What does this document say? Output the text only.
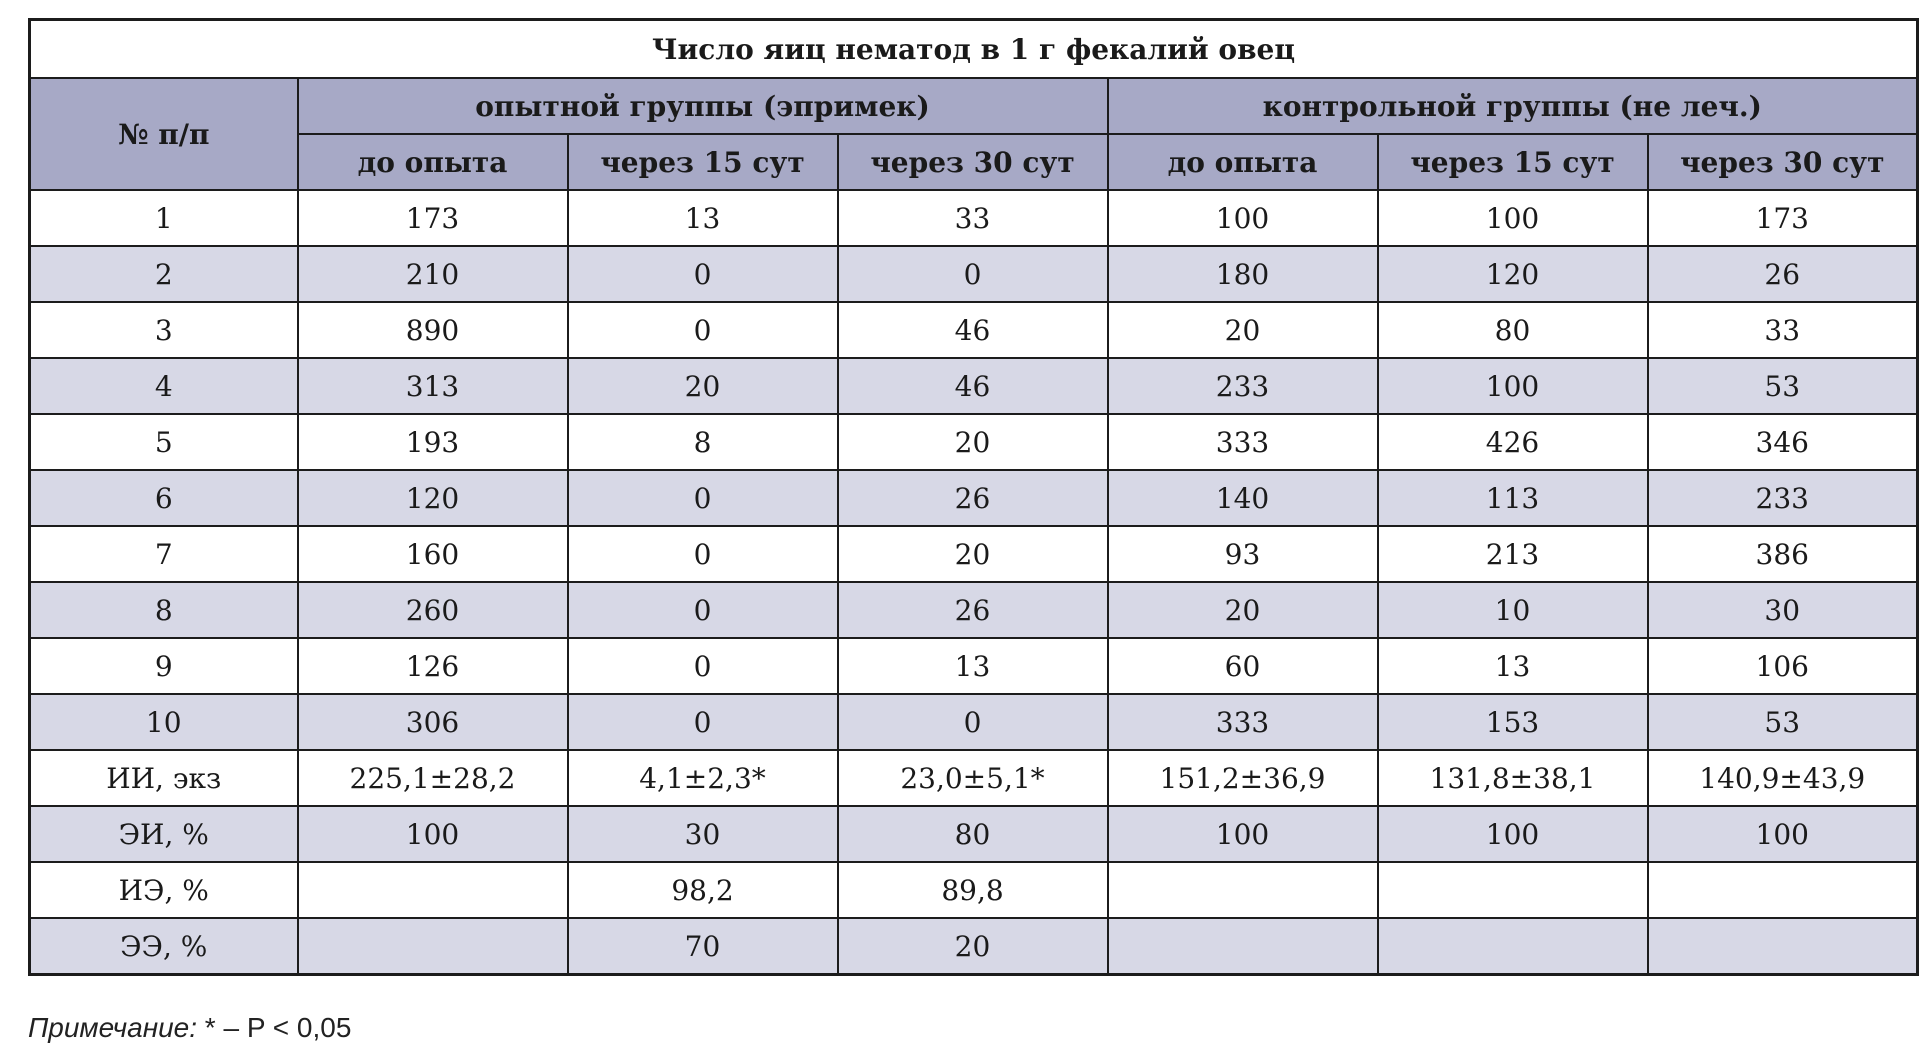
Число яиц нематод в 1 г фекалий овец						
№ п/п	опытной группы (эпримек)			контрольной группы (не леч.)		
	до опыта	через 15 сут	через 30 сут	до опыта	через 15 сут	через 30 сут
1	173	13	33	100	100	173
2	210	0	0	180	120	26
3	890	0	46	20	80	33
4	313	20	46	233	100	53
5	193	8	20	333	426	346
6	120	0	26	140	113	233
7	160	0	20	93	213	386
8	260	0	26	20	10	30
9	126	0	13	60	13	106
10	306	0	0	333	153	53
ИИ, экз	225,1±28,2	4,1±2,3*	23,0±5,1*	151,2±36,9	131,8±38,1	140,9±43,9
ЭИ, %	100	30	80	100	100	100
ИЭ, %		98,2	89,8			
ЭЭ, %		70	20			
Примечание: * – P < 0,05
